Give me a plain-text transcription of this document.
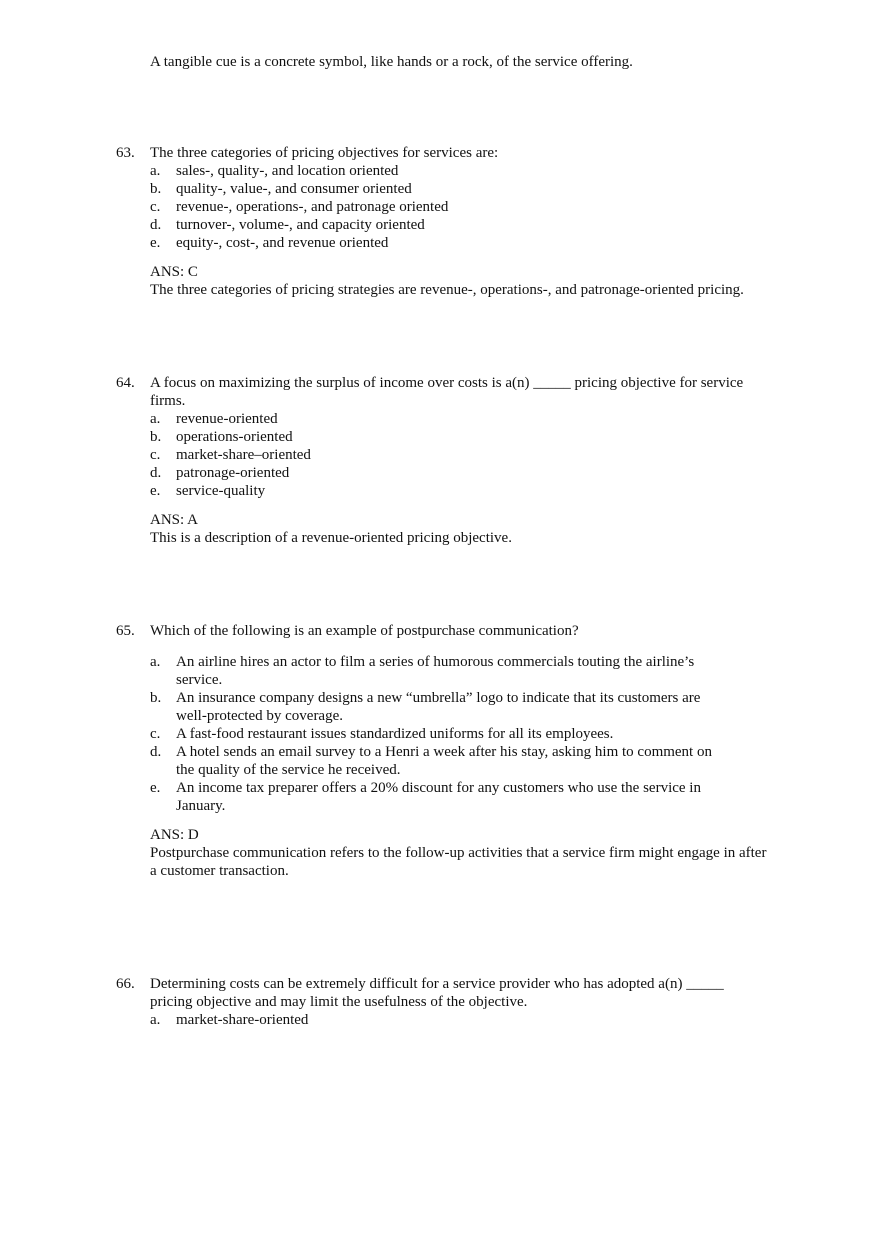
A tangible cue is a concrete symbol, like hands or a rock, of the service offering.
63. The three categories of pricing objectives for services are:
a. sales-, quality-, and location oriented
b. quality-, value-, and consumer oriented
c. revenue-, operations-, and patronage oriented
d. turnover-, volume-, and capacity oriented
e. equity-, cost-, and revenue oriented
ANS: C
The three categories of pricing strategies are revenue-, operations-, and patronage-oriented pricing.
64. A focus on maximizing the surplus of income over costs is a(n) _____ pricing objective for service
firms.
a. revenue-oriented
b. operations-oriented
c. market-share–oriented
d. patronage-oriented
e. service-quality
ANS: A
This is a description of a revenue-oriented pricing objective.
65. Which of the following is an example of postpurchase communication?
a. An airline hires an actor to film a series of humorous commercials touting the airline’s
service.
b. An insurance company designs a new “umbrella” logo to indicate that its customers are
well-protected by coverage.
c. A fast-food restaurant issues standardized uniforms for all its employees.
d. A hotel sends an email survey to a Henri a week after his stay, asking him to comment on
the quality of the service he received.
e. An income tax preparer offers a 20% discount for any customers who use the service in
January.
ANS: D
Postpurchase communication refers to the follow-up activities that a service firm might engage in after
a customer transaction.
66. Determining costs can be extremely difficult for a service provider who has adopted a(n) _____
pricing objective and may limit the usefulness of the objective.
a. market-share-oriented
